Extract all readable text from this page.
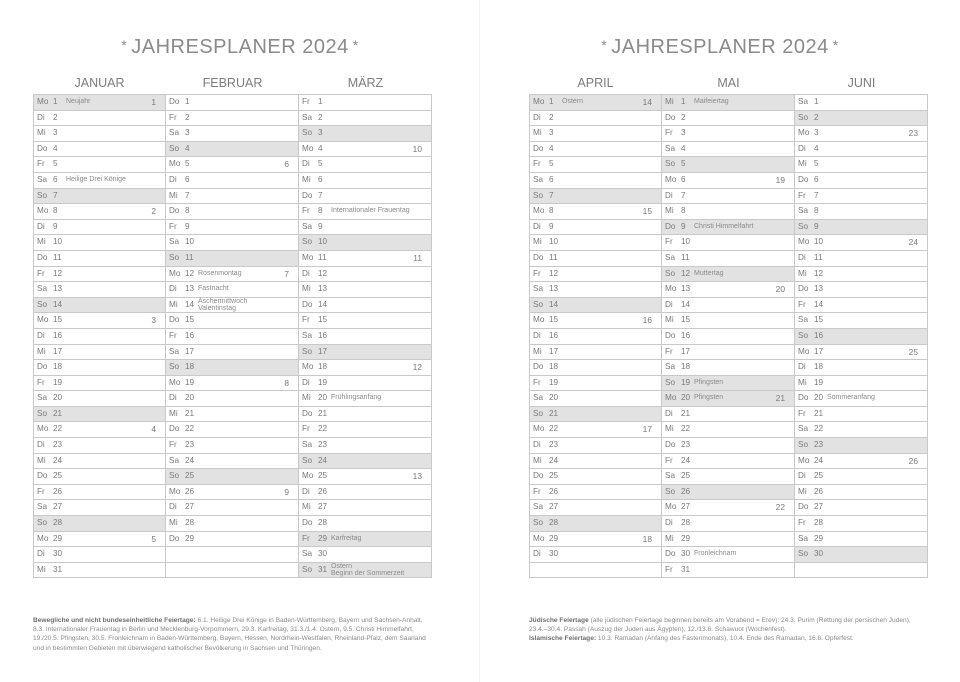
* JAHRESPLANER 2024 *
JANUAR
Mo 1 Neujahr	1
Di	2
Mi 3
Do 4
Fr	5
Sa 6 Heilige Drei Könige
So 7
Mo 8	2
Di	9
Mi 10
Do 11
Fr	12
Sa 13
So 14
Mo 15	3
Di	16
Mi 17
Do 18
Fr	19
Sa 20
So 21
Mo 22	4
Di	23
Mi 24
Do 25
Fr	26
Sa 27
So 28
Mo 29	5
Di	30
Mi 31
FEBRUAR
Do 1
Fr	2
Sa 3
So 4
Mo 5	6
Di	6
Mi 7
Do 8
Fr	9
Sa 10
So 11
Mo 12 Rosenmontag	7
Di	13 Fastnacht
Mi 14 Aschermittwoch
Valentinstag
Do 15
Fr	16
Sa 17
So 18
Mo 19	8
Di	20
Mi 21
Do 22
Fr	23
Sa 24
So 25
Mo 26	9
Di	27
Mi 28
Do 29
MÄRZ
Fr	1
Sa 2
So 3
Mo 4	10
Di	5
Mi 6
Do 7
Fr	8 Internationaler Frauentag
Sa 9
So 10
Mo 11	11
Di	12
Mi 13
Do 14
Fr	15
Sa 16
So 17
Mo 18	12
Di	19
Mi 20 Frühlingsanfang
Do 21
Fr	22
Sa 23
So 24
Mo 25	13
Di	26
Mi 27
Do 28
Fr	29 Karfreitag
Sa 30
So 31 Ostern
Beginn der Sommerzeit
Bewegliche und nicht bundeseinheitliche Feiertage: 6.1. Heilige Drei Könige in Baden-Württemberg, Bayern und Sachsen-Anhalt, 8.3. Internationaler Frauentag in Berlin und Mecklenburg-Vorpommern, 29.3. Karfreitag, 31.3./1.4. Ostern, 9.5. Christi Himmelfahrt, 19./20.5. Pfingsten, 30.5. Fronleichnam in Baden-Württemberg, Bayern, Hessen, Nordrhein-Westfalen, Rheinland-Pfalz, dem Saarland und in bestimmten Gebieten mit überwiegend katholischer Bevölkerung in Sachsen und Thüringen.
* JAHRESPLANER 2024 *
APRIL
Mo 1 Ostern	14
Di	2
Mi 3
Do 4
Fr	5
Sa 6
So 7
Mo 8	15
Di	9
Mi 10
Do 11
Fr	12
Sa 13
So 14
Mo 15	16
Di	16
Mi 17
Do 18
Fr	19
Sa 20
So 21
Mo 22	17
Di	23
Mi 24
Do 25
Fr	26
Sa 27
So 28
Mo 29	18
Di	30
MAI
Mi 1 Maifeiertag
Do 2
Fr	3
Sa 4
So 5
Mo 6	19
Di	7
Mi 8
Do 9 Christi Himmelfahrt
Fr	10
Sa 11
So 12 Muttertag
Mo 13	20
Di	14
Mi 15
Do 16
Fr	17
Sa 18
So 19 Pfingsten
Mo 20 Pfingsten	21
Di	21
Mi 22
Do 23
Fr	24
Sa 25
So 26
Mo 27	22
Di	28
Mi 29
Do 30 Fronleichnam
Fr	31
JUNI
Sa 1
So 2
Mo 3	23
Di	4
Mi 5
Do 6
Fr	7
Sa 8
So 9
Mo 10	24
Di	11
Mi 12
Do 13
Fr	14
Sa 15
So 16
Mo 17	25
Di	18
Mi 19
Do 20 Sommeranfang
Fr	21
Sa 22
So 23
Mo 24	26
Di	25
Mi 26
Do 27
Fr	28
Sa 29
So 30
Jüdische Feiertage (alle jüdischen Feiertage beginnen bereits am Vorabend = Erev): 24.3. Purim (Rettung der persischen Juden), 23.4.–30.4. Passah (Auszug der Juden aus Ägypten), 12./13.6. Schawuot (Wochenfest).
Islamische Feiertage: 10.3. Ramadan (Anfang des Fastenmonats), 10.4. Ende des Ramadan, 16.6. Opferfest.
